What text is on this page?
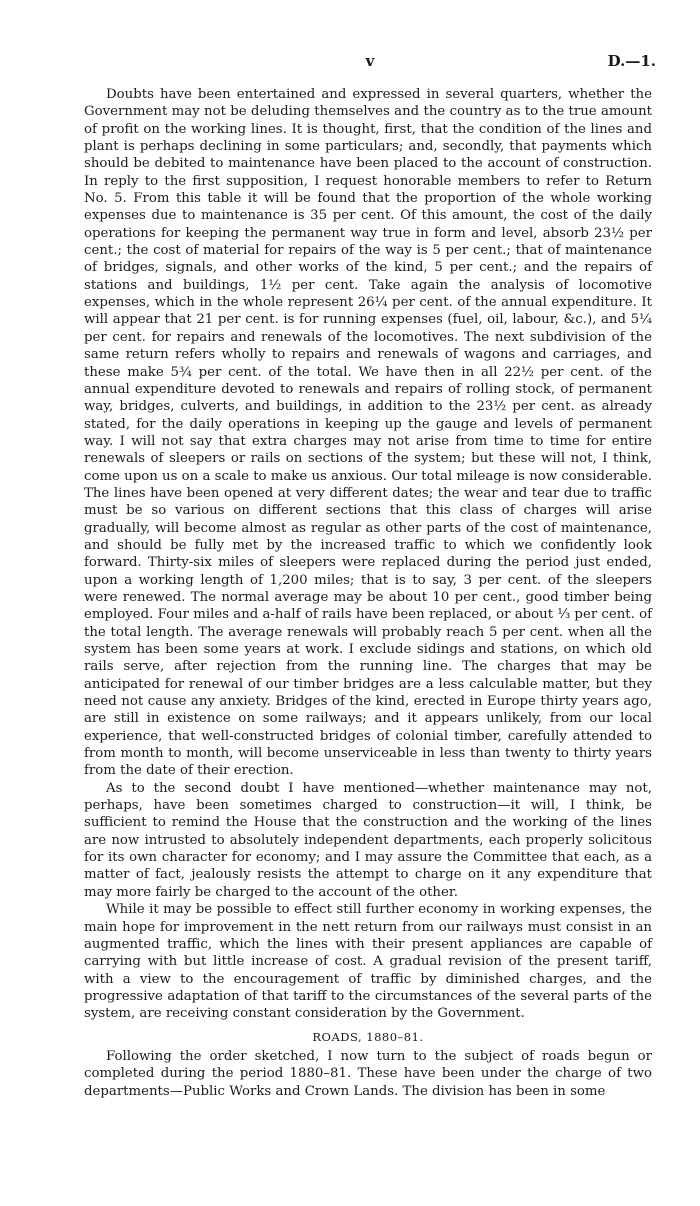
v	D.—1.

Doubts have been entertained and expressed in several quarters, whether the Government may not be deluding themselves and the country as to the true amount of profit on the working lines. It is thought, first, that the condition of the lines and plant is perhaps declining in some particulars; and, secondly, that payments which should be debited to maintenance have been placed to the account of construction. In reply to the first supposition, I request honorable members to refer to Return No. 5. From this table it will be found that the proportion of the whole working expenses due to maintenance is 35 per cent. Of this amount, the cost of the daily operations for keeping the permanent way true in form and level, absorb 23½ per cent.; the cost of material for repairs of the way is 5 per cent.; that of maintenance of bridges, signals, and other works of the kind, 5 per cent.; and the repairs of stations and buildings, 1½ per cent. Take again the analysis of locomotive expenses, which in the whole represent 26¼ per cent. of the annual expenditure. It will appear that 21 per cent. is for running expenses (fuel, oil, labour, &c.), and 5¼ per cent. for repairs and renewals of the locomotives. The next subdivision of the same return refers wholly to repairs and renewals of wagons and carriages, and these make 5¾ per cent. of the total. We have then in all 22½ per cent. of the annual expenditure devoted to renewals and repairs of rolling stock, of permanent way, bridges, culverts, and buildings, in addition to the 23½ per cent. as already stated, for the daily operations in keeping up the gauge and levels of permanent way. I will not say that extra charges may not arise from time to time for entire renewals of sleepers or rails on sections of the system; but these will not, I think, come upon us on a scale to make us anxious. Our total mileage is now considerable. The lines have been opened at very different dates; the wear and tear due to traffic must be so various on different sections that this class of charges will arise gradually, will become almost as regular as other parts of the cost of maintenance, and should be fully met by the increased traffic to which we confidently look forward. Thirty-six miles of sleepers were replaced during the period just ended, upon a working length of 1,200 miles; that is to say, 3 per cent. of the sleepers were renewed. The normal average may be about 10 per cent., good timber being employed. Four miles and a-half of rails have been replaced, or about ⅓ per cent. of the total length. The average renewals will probably reach 5 per cent. when all the system has been some years at work. I exclude sidings and stations, on which old rails serve, after rejection from the running line. The charges that may be anticipated for renewal of our timber bridges are a less calculable matter, but they need not cause any anxiety. Bridges of the kind, erected in Europe thirty years ago, are still in existence on some railways; and it appears unlikely, from our local experience, that well-constructed bridges of colonial timber, carefully attended to from month to month, will become unserviceable in less than twenty to thirty years from the date of their erection.

As to the second doubt I have mentioned—whether maintenance may not, perhaps, have been sometimes charged to construction—it will, I think, be sufficient to remind the House that the construction and the working of the lines are now intrusted to absolutely independent departments, each properly solicitous for its own character for economy; and I may assure the Committee that each, as a matter of fact, jealously resists the attempt to charge on it any expenditure that may more fairly be charged to the account of the other.

While it may be possible to effect still further economy in working expenses, the main hope for improvement in the nett return from our railways must consist in an augmented traffic, which the lines with their present appliances are capable of carrying with but little increase of cost. A gradual revision of the present tariff, with a view to the encouragement of traffic by diminished charges, and the progressive adaptation of that tariff to the circumstances of the several parts of the system, are receiving constant consideration by the Government.

ROADS, 1880–81.

Following the order sketched, I now turn to the subject of roads begun or completed during the period 1880–81. These have been under the charge of two departments—Public Works and Crown Lands. The division has been in some
